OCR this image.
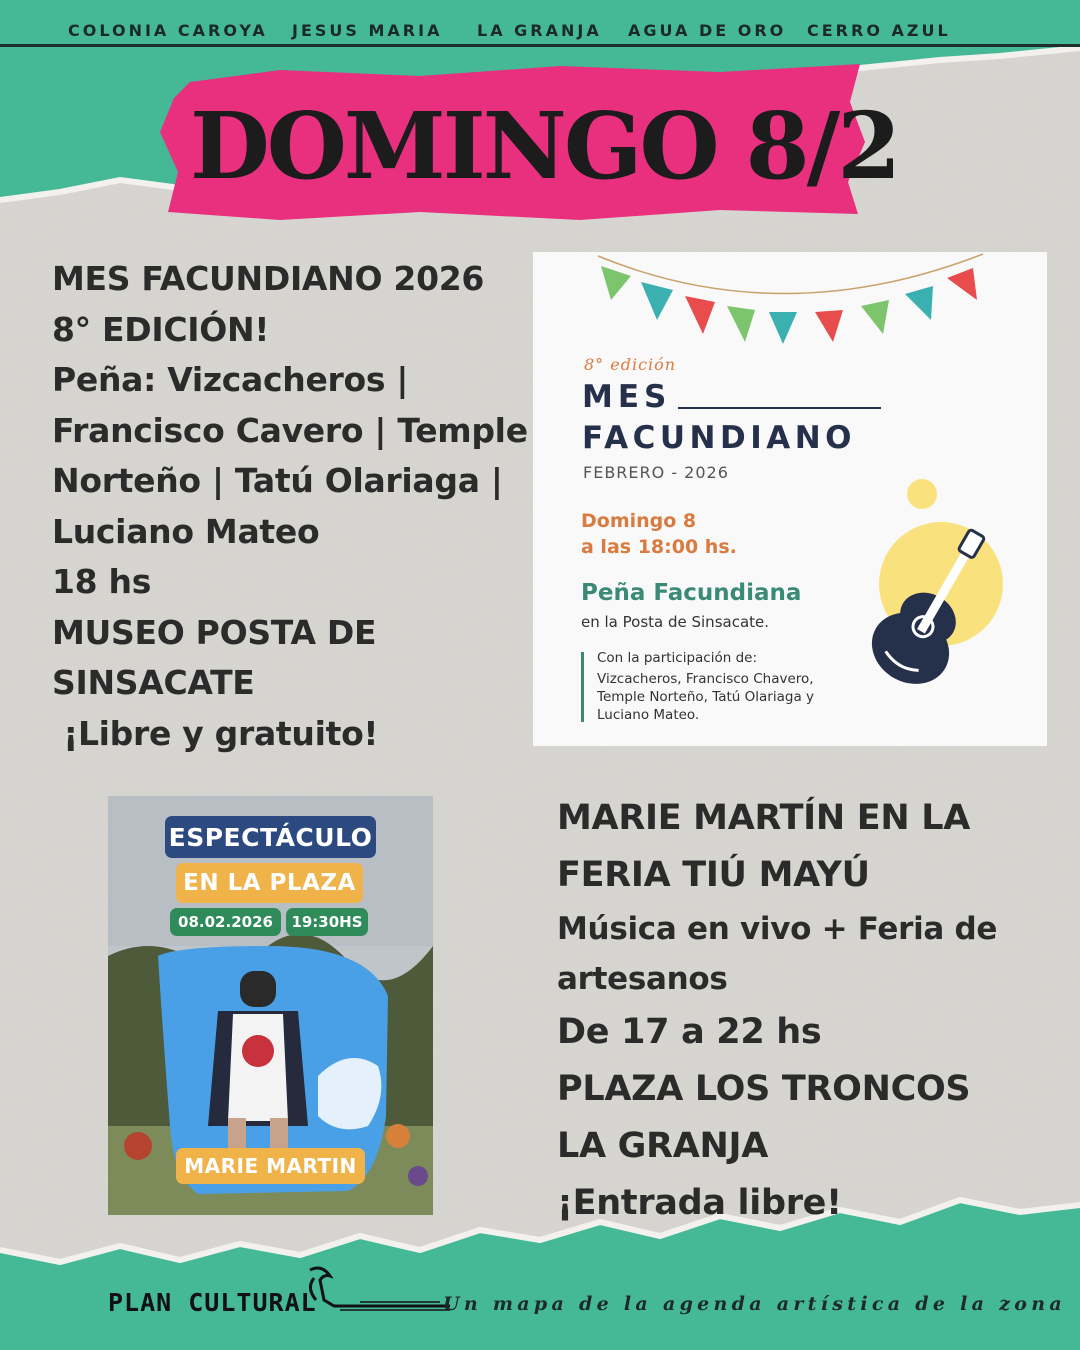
COLONIA CAROYA JESUS MARIA LA GRANJA AGUA DE ORO CERRO AZUL
DOMINGO 8/2
MES FACUNDIANO 2026
8° EDICIÓN!
Peña: Vizcacheros |
Francisco Cavero | Temple
Norteño | Tatú Olariaga |
Luciano Mateo
18 hs
MUSEO POSTA DE
SINSACATE
¡Libre y gratuito!
8° edición
MES
FACUNDIANO
FEBRERO - 2026
Domingo 8
a las 18:00 hs.
Peña Facundiana
en la Posta de Sinsacate.
Con la participación de:
Vizcacheros, Francisco Chavero,
Temple Norteño, Tatú Olariaga y
Luciano Mateo.
ESPECTÁCULO
EN LA PLAZA
08.02.2026	19:30HS
MARIE MARTIN
MARIE MARTÍN EN LA
FERIA TIÚ MAYÚ
Música en vivo + Feria de
artesanos
De 17 a 22 hs
PLAZA LOS TRONCOS
LA GRANJA
¡Entrada libre!
PLAN CULTURAL	Un mapa de la agenda artística de la zona
